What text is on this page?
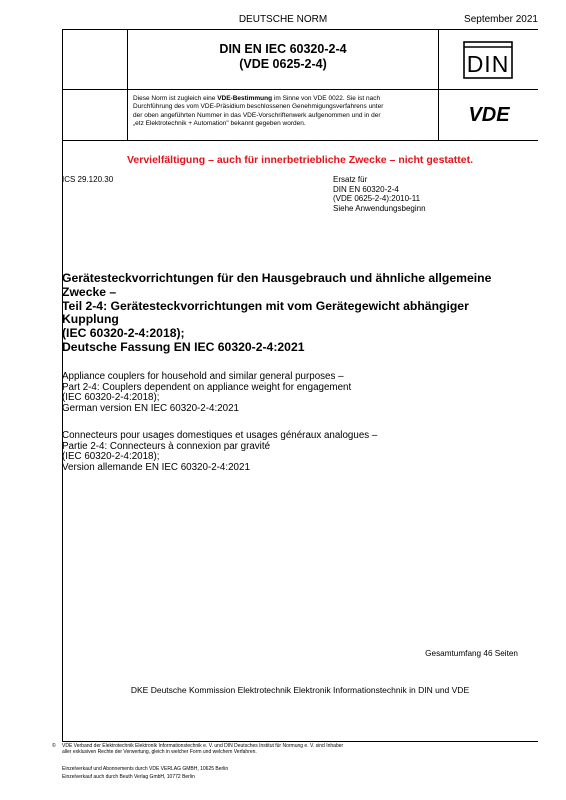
DEUTSCHE NORM	September 2021
DIN EN IEC 60320-2-4
(VDE 0625-2-4)	DIN
Diese Norm ist zugleich eine VDE-Bestimmung im Sinne von VDE 0022. Sie ist nach
Durchführung des vom VDE-Präsidium beschlossenen Genehmigungsverfahrens unter
der oben angeführten Nummer in das VDE-Vorschriftenwerk aufgenommen und in der
„etz Elektrotechnik + Automation" bekannt gegeben worden.	VDE
Vervielfältigung – auch für innerbetriebliche Zwecke – nicht gestattet.
ICS 29.120.30	Ersatz für
DIN EN 60320-2-4
(VDE 0625-2-4):2010-11
Siehe Anwendungsbeginn
Gerätesteckvorrichtungen für den Hausgebrauch und ähnliche allgemeine
Zwecke –
Teil 2-4: Gerätesteckvorrichtungen mit vom Gerätegewicht abhängiger
Kupplung
(IEC 60320-2-4:2018);
Deutsche Fassung EN IEC 60320-2-4:2021
Appliance couplers for household and similar general purposes –
Part 2-4: Couplers dependent on appliance weight for engagement
(IEC 60320-2-4:2018);
German version EN IEC 60320-2-4:2021
Connecteurs pour usages domestiques et usages généraux analogues –
Partie 2-4: Connecteurs à connexion par gravité
(IEC 60320-2-4:2018);
Version allemande EN IEC 60320-2-4:2021
Gesamtumfang 46 Seiten
DKE Deutsche Kommission Elektrotechnik Elektronik Informationstechnik in DIN und VDE
© VDE Verband der Elektrotechnik Elektronik Informationstechnik e. V. und DIN Deutsches Institut für Normung e. V. sind Inhaber
aller exklusiven Rechte der Verwertung, gleich in welcher Form und welchem Verfahren.
Einzelverkauf und Abonnements durch VDE VERLAG GMBH, 10625 Berlin
Einzelverkauf auch durch Beuth Verlag GmbH, 10772 Berlin
